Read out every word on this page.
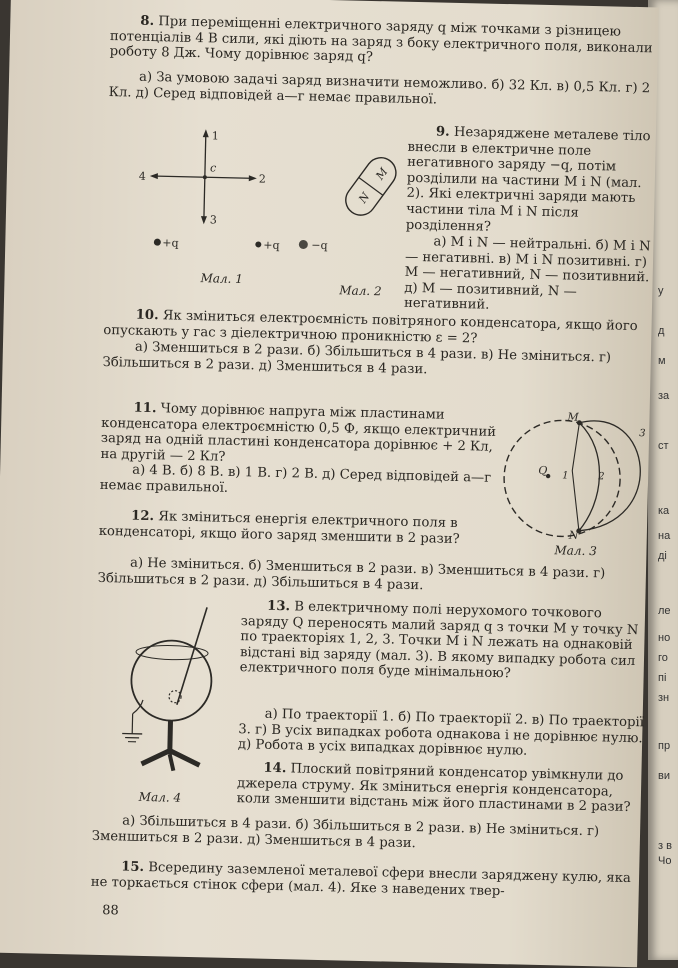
у
д
м
за
ст
ка
на
ді
ле
но
го
пі
зн
пр
ви
з в
Чо
8. При переміщенні електричного заряду q між точками з різницею потенціалів 4 В сили, які діють на заряд з боку електричного поля, виконали роботу 8 Дж. Чому дорівнює заряд q?
а) За умовою задачі заряд визначити неможливо. б) 32 Кл. в) 0,5 Кл. г) 2 Кл. д) Серед відповідей а—г немає правильної.
9. Незаряджене металеве тіло внесли в електричне поле негативного заряду −q, потім розділили на частини M і N (мал. 2). Які електричні заряди мають частини тіла M і N після розділення?
а) M і N — нейтральні. б) M і N — негативні. в) M і N позитивні. г) M — негативний, N — позитивний. д) M — позитивний, N — негативний.
c
1
2
3
4
+q	+q	−q
Мал. 1
N
M
Мал. 2
10. Як зміниться електроємність повітряного конденсатора, якщо його опускають у гас з діелектричною проникністю ε = 2?
а) Зменшиться в 2 рази. б) Збільшиться в 4 рази. в) Не зміниться. г) Збільшиться в 2 рази. д) Зменшиться в 4 рази.
11. Чому дорівнює напруга між пластинами конденсатора електроємністю 0,5 Ф, якщо електричний заряд на одній пластині конденсатора дорівнює + 2 Кл, на другій — 2 Кл?
а) 4 В. б) 8 В. в) 1 В. г) 2 В. д) Серед відповідей а—г немає правильної.
12. Як зміниться енергія електричного поля в конденсаторі, якщо його заряд зменшити в 2 рази?
а) Не зміниться. б) Зменшиться в 2 рази. в) Зменшиться в 4 рази. г) Збільшиться в 2 рази. д) Збільшиться в 4 рази.
M
N
Q 1	2
3
Мал. 3
13. В електричному полі нерухомого точкового заряду Q переносять малий заряд q з точки M у точку N по траекторіях 1, 2, 3. Точки M і N лежать на однаковій відстані від заряду (мал. 3). В якому випадку робота сил електричного поля буде мінімальною?
а) По траекторії 1. б) По траекторії 2. в) По траекторії 3. г) В усіх випадках робота однакова і не дорівнює нулю. д) Робота в усіх випадках дорівнює нулю.
14. Плоский повітряний конденсатор увімкнули до джерела струму. Як зміниться енергія конденсатора, коли зменшити відстань між його пластинами в 2 рази?
а) Збільшиться в 4 рази. б) Збільшиться в 2 рази. в) Не зміниться. г) Зменшиться в 2 рази. д) Зменшиться в 4 рази.
Мал. 4
15. Всередину заземленої металевої сфери внесли заряджену кулю, яка не торкається стінок сфери (мал. 4). Яке з наведених твер-
88
